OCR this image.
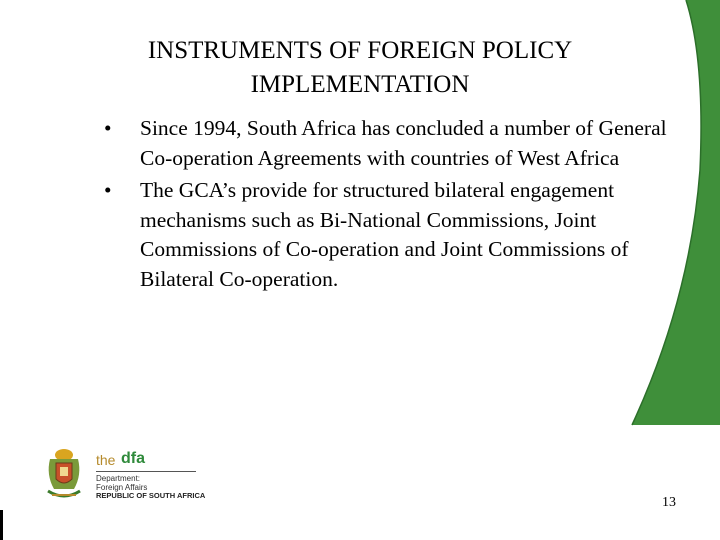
INSTRUMENTS OF FOREIGN POLICY
IMPLEMENTATION
• Since 1994, South Africa has concluded a number of General Co-operation Agreements with countries of West Africa
• The GCA’s provide for structured bilateral engagement mechanisms such as Bi-National Commissions, Joint Commissions of Co-operation and Joint Commissions of Bilateral Co-operation.
the dfa
Department:
Foreign Affairs
REPUBLIC OF SOUTH AFRICA	13
